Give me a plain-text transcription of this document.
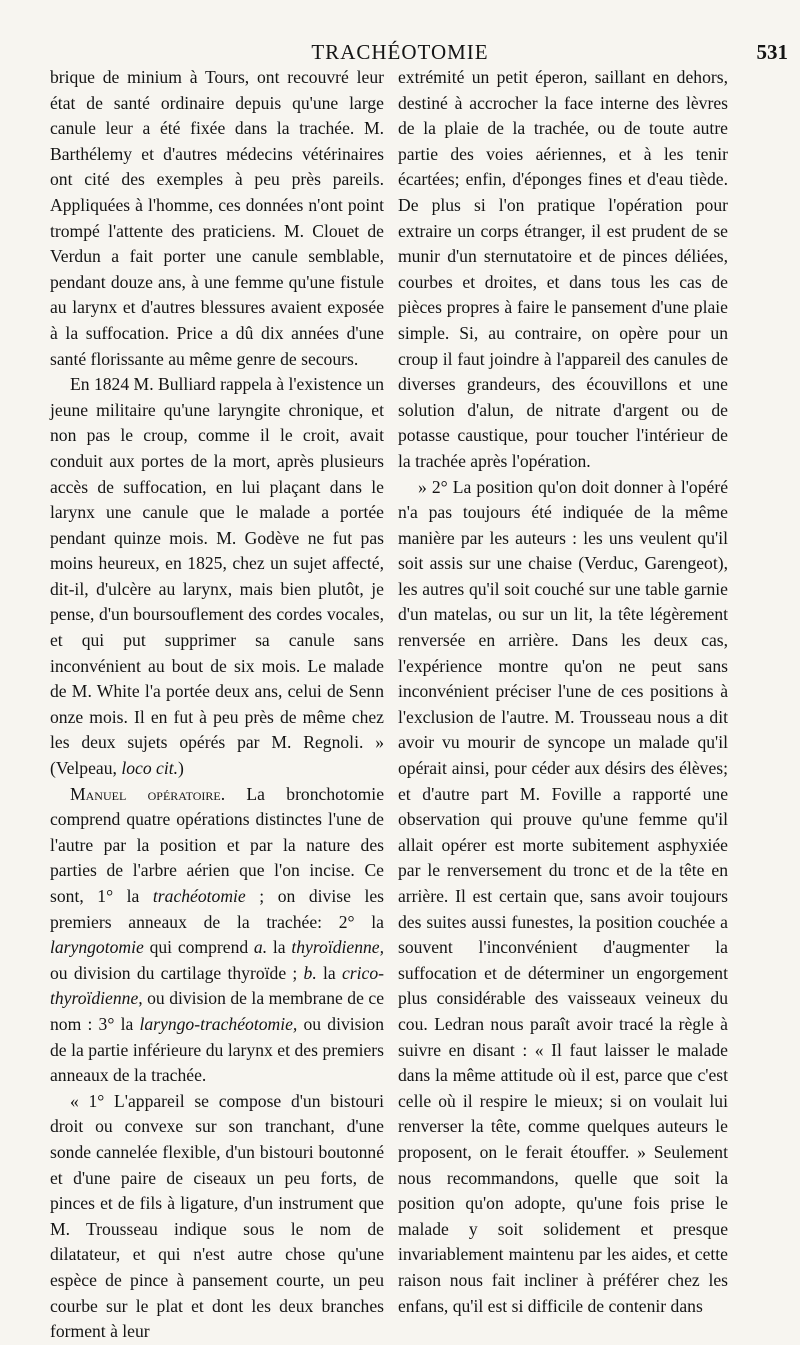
TRACHÉOTOMIE	531

brique de minium à Tours, ont recouvré leur état de santé ordinaire depuis qu'une large canule leur a été fixée dans la trachée. M. Barthélemy et d'autres médecins vétérinaires ont cité des exemples à peu près pareils. Appliquées à l'homme, ces données n'ont point trompé l'attente des praticiens. M. Clouet de Verdun a fait porter une canule semblable, pendant douze ans, à une femme qu'une fistule au larynx et d'autres blessures avaient exposée à la suffocation. Price a dû dix années d'une santé florissante au même genre de secours.

En 1824 M. Bulliard rappela à l'existence un jeune militaire qu'une laryngite chronique, et non pas le croup, comme il le croit, avait conduit aux portes de la mort, après plusieurs accès de suffocation, en lui plaçant dans le larynx une canule que le malade a portée pendant quinze mois. M. Godève ne fut pas moins heureux, en 1825, chez un sujet affecté, dit-il, d'ulcère au larynx, mais bien plutôt, je pense, d'un boursouflement des cordes vocales, et qui put supprimer sa canule sans inconvénient au bout de six mois. Le malade de M. White l'a portée deux ans, celui de Senn onze mois. Il en fut à peu près de même chez les deux sujets opérés par M. Regnoli. » (Velpeau, loco cit.)

Manuel opératoire. La bronchotomie comprend quatre opérations distinctes l'une de l'autre par la position et par la nature des parties de l'arbre aérien que l'on incise. Ce sont, 1° la trachéotomie ; on divise les premiers anneaux de la trachée: 2° la laryngotomie qui comprend a. la thyroïdienne, ou division du cartilage thyroïde ; b. la crico-thyroïdienne, ou division de la membrane de ce nom : 3° la laryngo-trachéotomie, ou division de la partie inférieure du larynx et des premiers anneaux de la trachée.

« 1° L'appareil se compose d'un bistouri droit ou convexe sur son tranchant, d'une sonde cannelée flexible, d'un bistouri boutonné et d'une paire de ciseaux un peu forts, de pinces et de fils à ligature, d'un instrument que M. Trousseau indique sous le nom de dilatateur, et qui n'est autre chose qu'une espèce de pince à pansement courte, un peu courbe sur le plat et dont les deux branches forment à leur

extrémité un petit éperon, saillant en dehors, destiné à accrocher la face interne des lèvres de la plaie de la trachée, ou de toute autre partie des voies aériennes, et à les tenir écartées; enfin, d'éponges fines et d'eau tiède. De plus si l'on pratique l'opération pour extraire un corps étranger, il est prudent de se munir d'un sternutatoire et de pinces déliées, courbes et droites, et dans tous les cas de pièces propres à faire le pansement d'une plaie simple. Si, au contraire, on opère pour un croup il faut joindre à l'appareil des canules de diverses grandeurs, des écouvillons et une solution d'alun, de nitrate d'argent ou de potasse caustique, pour toucher l'intérieur de la trachée après l'opération.

» 2° La position qu'on doit donner à l'opéré n'a pas toujours été indiquée de la même manière par les auteurs : les uns veulent qu'il soit assis sur une chaise (Verduc, Garengeot), les autres qu'il soit couché sur une table garnie d'un matelas, ou sur un lit, la tête légèrement renversée en arrière. Dans les deux cas, l'expérience montre qu'on ne peut sans inconvénient préciser l'une de ces positions à l'exclusion de l'autre. M. Trousseau nous a dit avoir vu mourir de syncope un malade qu'il opérait ainsi, pour céder aux désirs des élèves; et d'autre part M. Foville a rapporté une observation qui prouve qu'une femme qu'il allait opérer est morte subitement asphyxiée par le renversement du tronc et de la tête en arrière. Il est certain que, sans avoir toujours des suites aussi funestes, la position couchée a souvent l'inconvénient d'augmenter la suffocation et de déterminer un engorgement plus considérable des vaisseaux veineux du cou. Ledran nous paraît avoir tracé la règle à suivre en disant : « Il faut laisser le malade dans la même attitude où il est, parce que c'est celle où il respire le mieux; si on voulait lui renverser la tête, comme quelques auteurs le proposent, on le ferait étouffer. » Seulement nous recommandons, quelle que soit la position qu'on adopte, qu'une fois prise le malade y soit solidement et presque invariablement maintenu par les aides, et cette raison nous fait incliner à préférer chez les enfans, qu'il est si difficile de contenir dans
